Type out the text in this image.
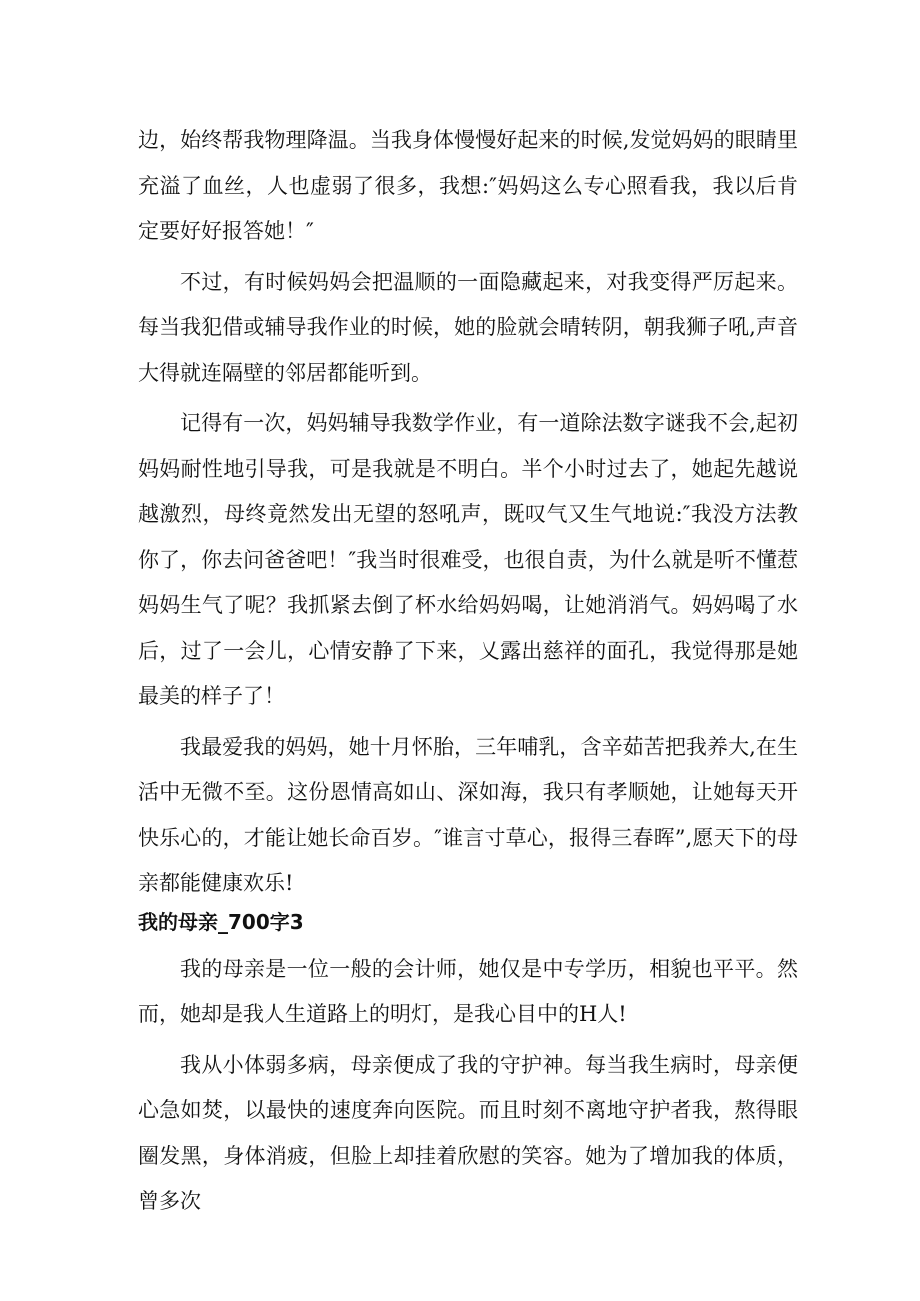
边，始终帮我物理降温。当我身体慢慢好起来的时候,发觉妈妈的眼睛里充溢了血丝，人也虚弱了很多，我想:″妈妈这么专心照看我，我以后肯定要好好报答她！″

不过，有时候妈妈会把温顺的一面隐藏起来，对我变得严厉起来。每当我犯借或辅导我作业的时候，她的脸就会晴转阴，朝我狮子吼,声音大得就连隔壁的邻居都能听到。

记得有一次，妈妈辅导我数学作业，有一道除法数字谜我不会,起初妈妈耐性地引导我，可是我就是不明白。半个小时过去了，她起先越说越激烈，母终竟然发出无望的怒吼声，既叹气又生气地说:″我没方法教你了，你去问爸爸吧！″我当时很难受，也很自责，为什么就是听不懂惹妈妈生气了呢？我抓紧去倒了杯水给妈妈喝，让她消消气。妈妈喝了水后，过了一会儿，心情安静了下来，乂露出慈祥的面孔，我觉得那是她最美的样子了！

我最爱我的妈妈，她十月怀胎，三年哺乳，含辛茹苦把我养大,在生活中无微不至。这份恩情高如山、深如海，我只有孝顺她，让她每天开快乐心的，才能让她长命百岁。″谁言寸草心，报得三春晖”,愿天下的母亲都能健康欢乐!

我的母亲_700字3

我的母亲是一位一般的会计师，她仅是中专学历，相貌也平平。然而，她却是我人生道路上的明灯，是我心目中的H人!

我从小体弱多病，母亲便成了我的守护神。每当我生病时，母亲便心急如焚，以最快的速度奔向医院。而且时刻不离地守护者我，熬得眼圈发黑，身体消疲，但脸上却挂着欣慰的笑容。她为了增加我的体质，曾多次
